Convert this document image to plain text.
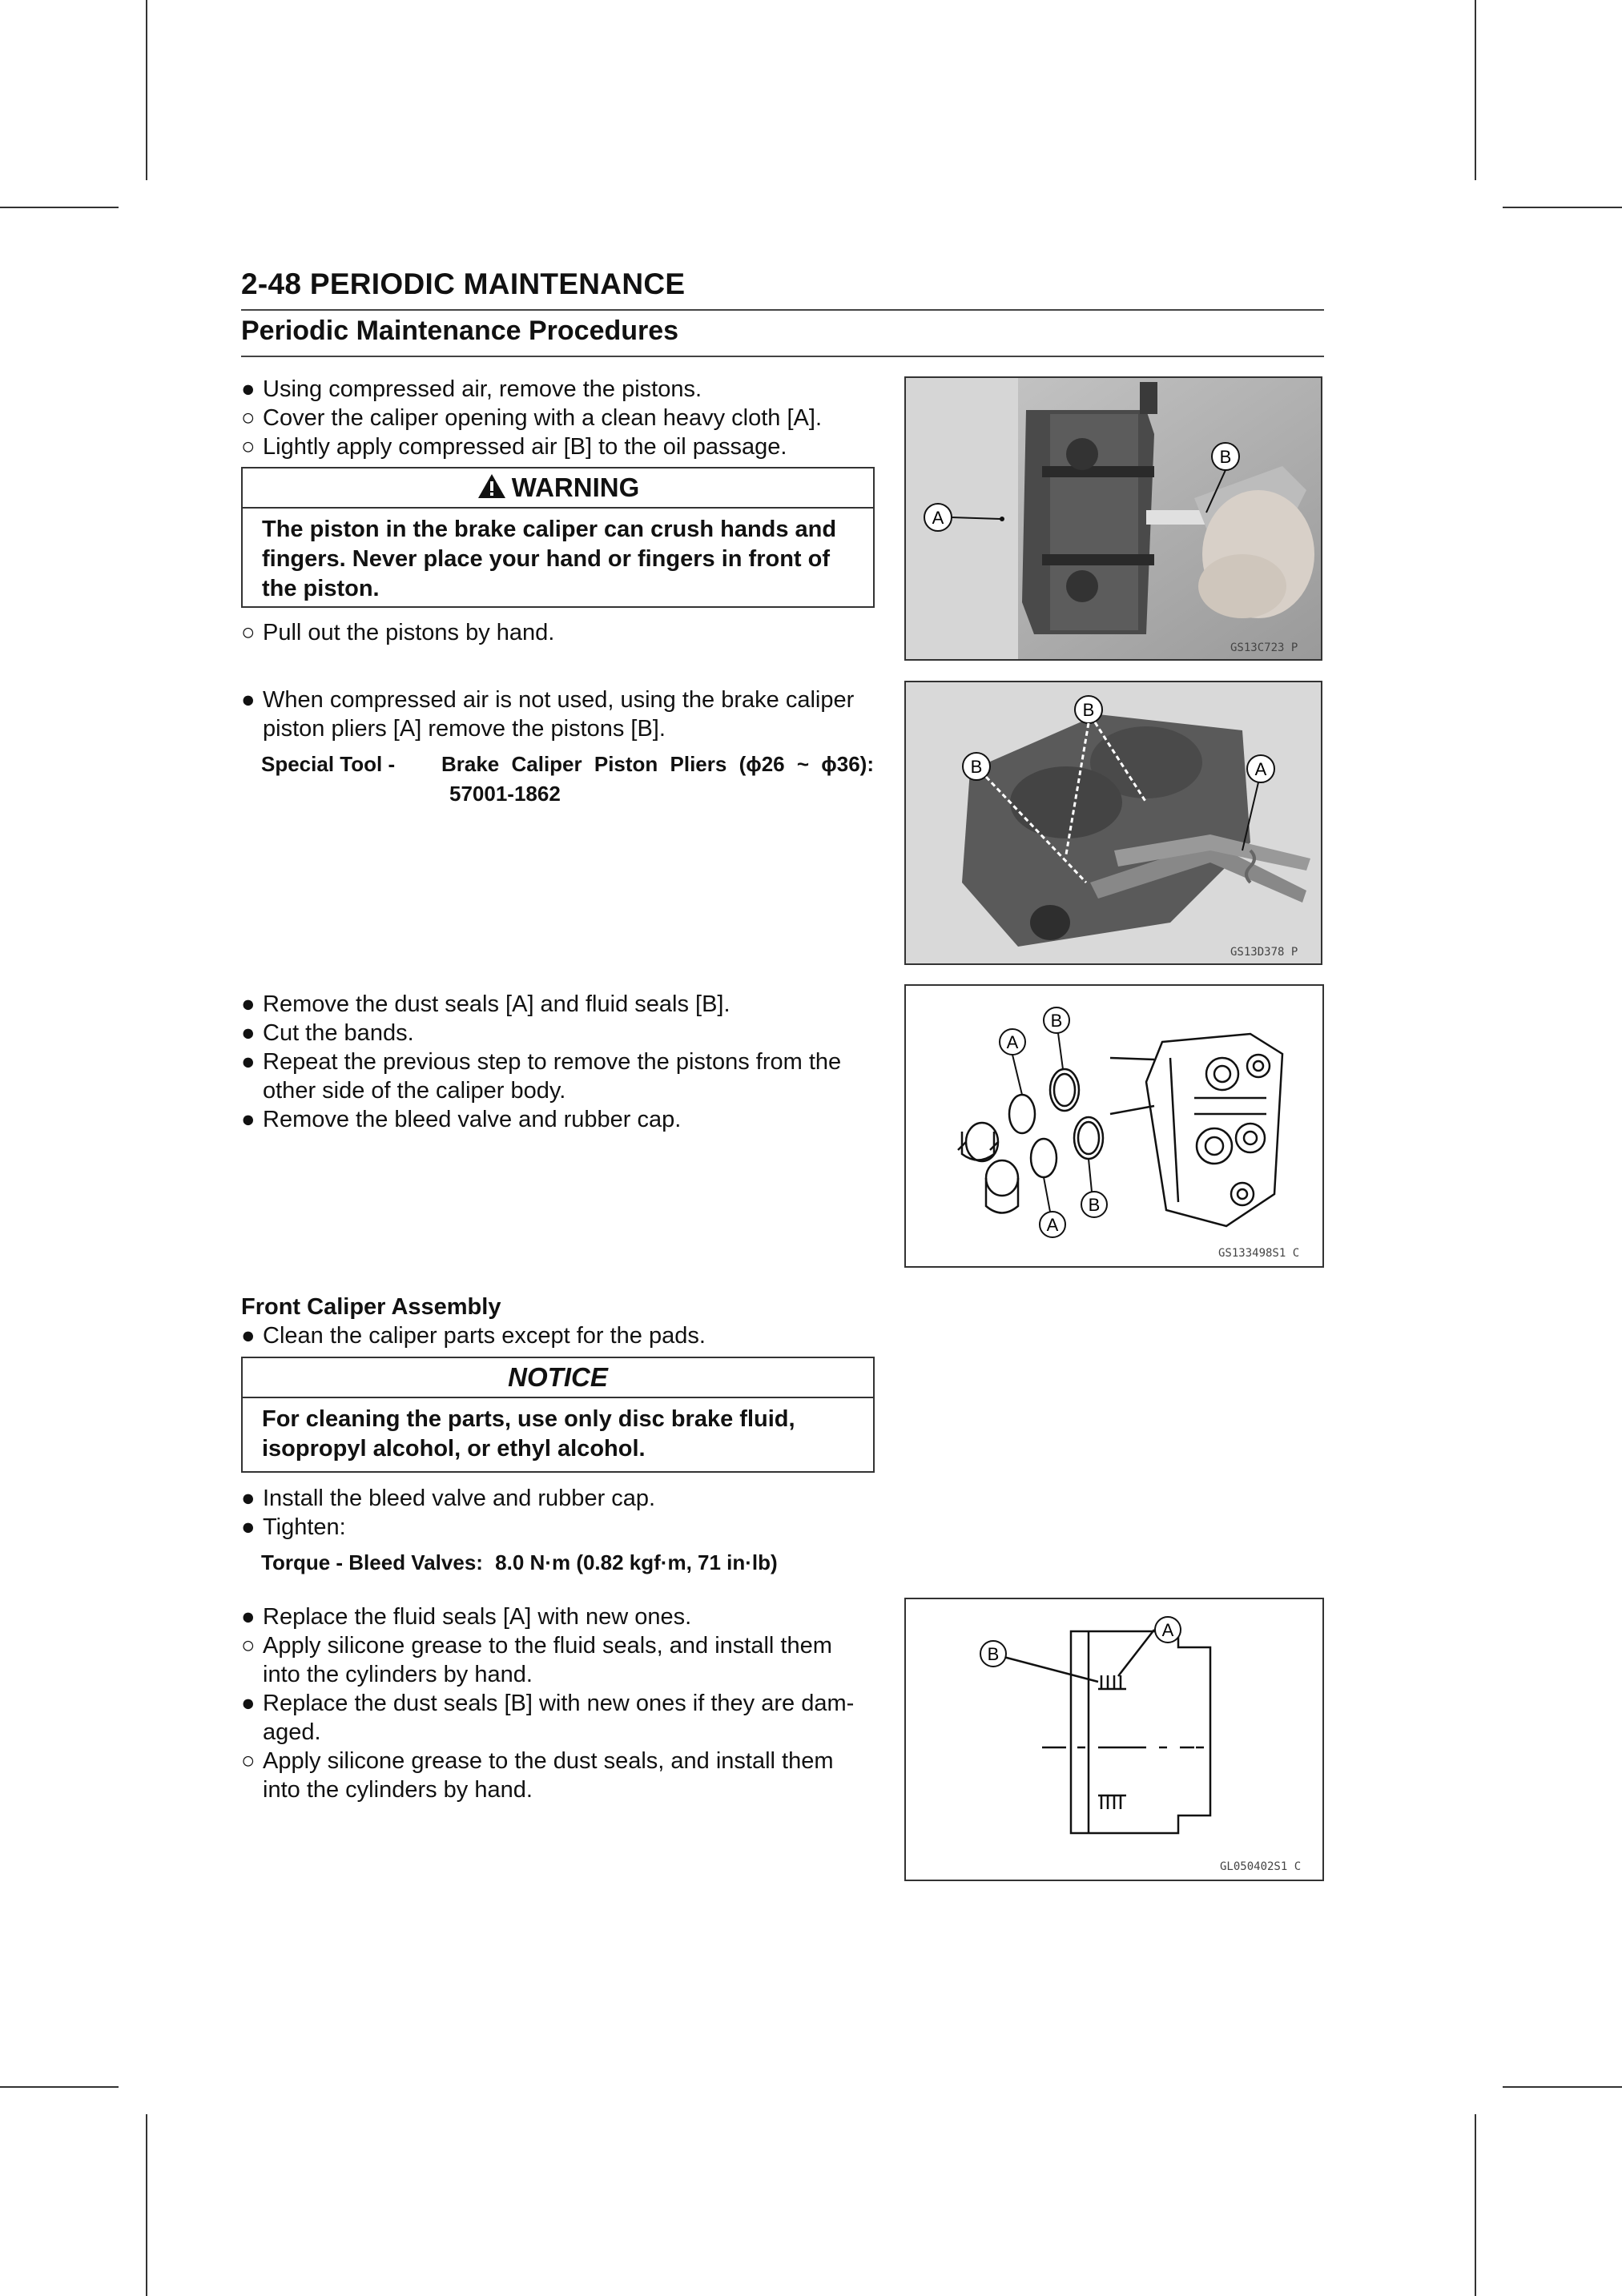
2-48 PERIODIC MAINTENANCE
Periodic Maintenance Procedures
● Using compressed air, remove the pistons.
○ Cover the caliper opening with a clean heavy cloth [A].
○ Lightly apply compressed air [B] to the oil passage.
WARNING
The piston in the brake caliper can crush hands and
fingers. Never place your hand or fingers in front of
the piston.
○ Pull out the pistons by hand.
● When compressed air is not used, using the brake caliper
piston pliers [A] remove the pistons [B].
Special Tool - Brake Caliper Piston Pliers (ϕ26 ~ ϕ36):
57001-1862
● Remove the dust seals [A] and fluid seals [B].
● Cut the bands.
● Repeat the previous step to remove the pistons from the
other side of the caliper body.
● Remove the bleed valve and rubber cap.
Front Caliper Assembly
● Clean the caliper parts except for the pads.
NOTICE
For cleaning the parts, use only disc brake fluid,
isopropyl alcohol, or ethyl alcohol.
● Install the bleed valve and rubber cap.
● Tighten:
Torque - Bleed Valves: 8.0 N·m (0.82 kgf·m, 71 in·lb)
● Replace the fluid seals [A] with new ones.
○ Apply silicone grease to the fluid seals, and install them
into the cylinders by hand.
● Replace the dust seals [B] with new ones if they are dam-
aged.
○ Apply silicone grease to the dust seals, and install them
into the cylinders by hand.
A
B
GS13C723 P
B
B	A
GS13D378 P
A
B
A
B
GS133498S1 C
B
A
GL050402S1 C
